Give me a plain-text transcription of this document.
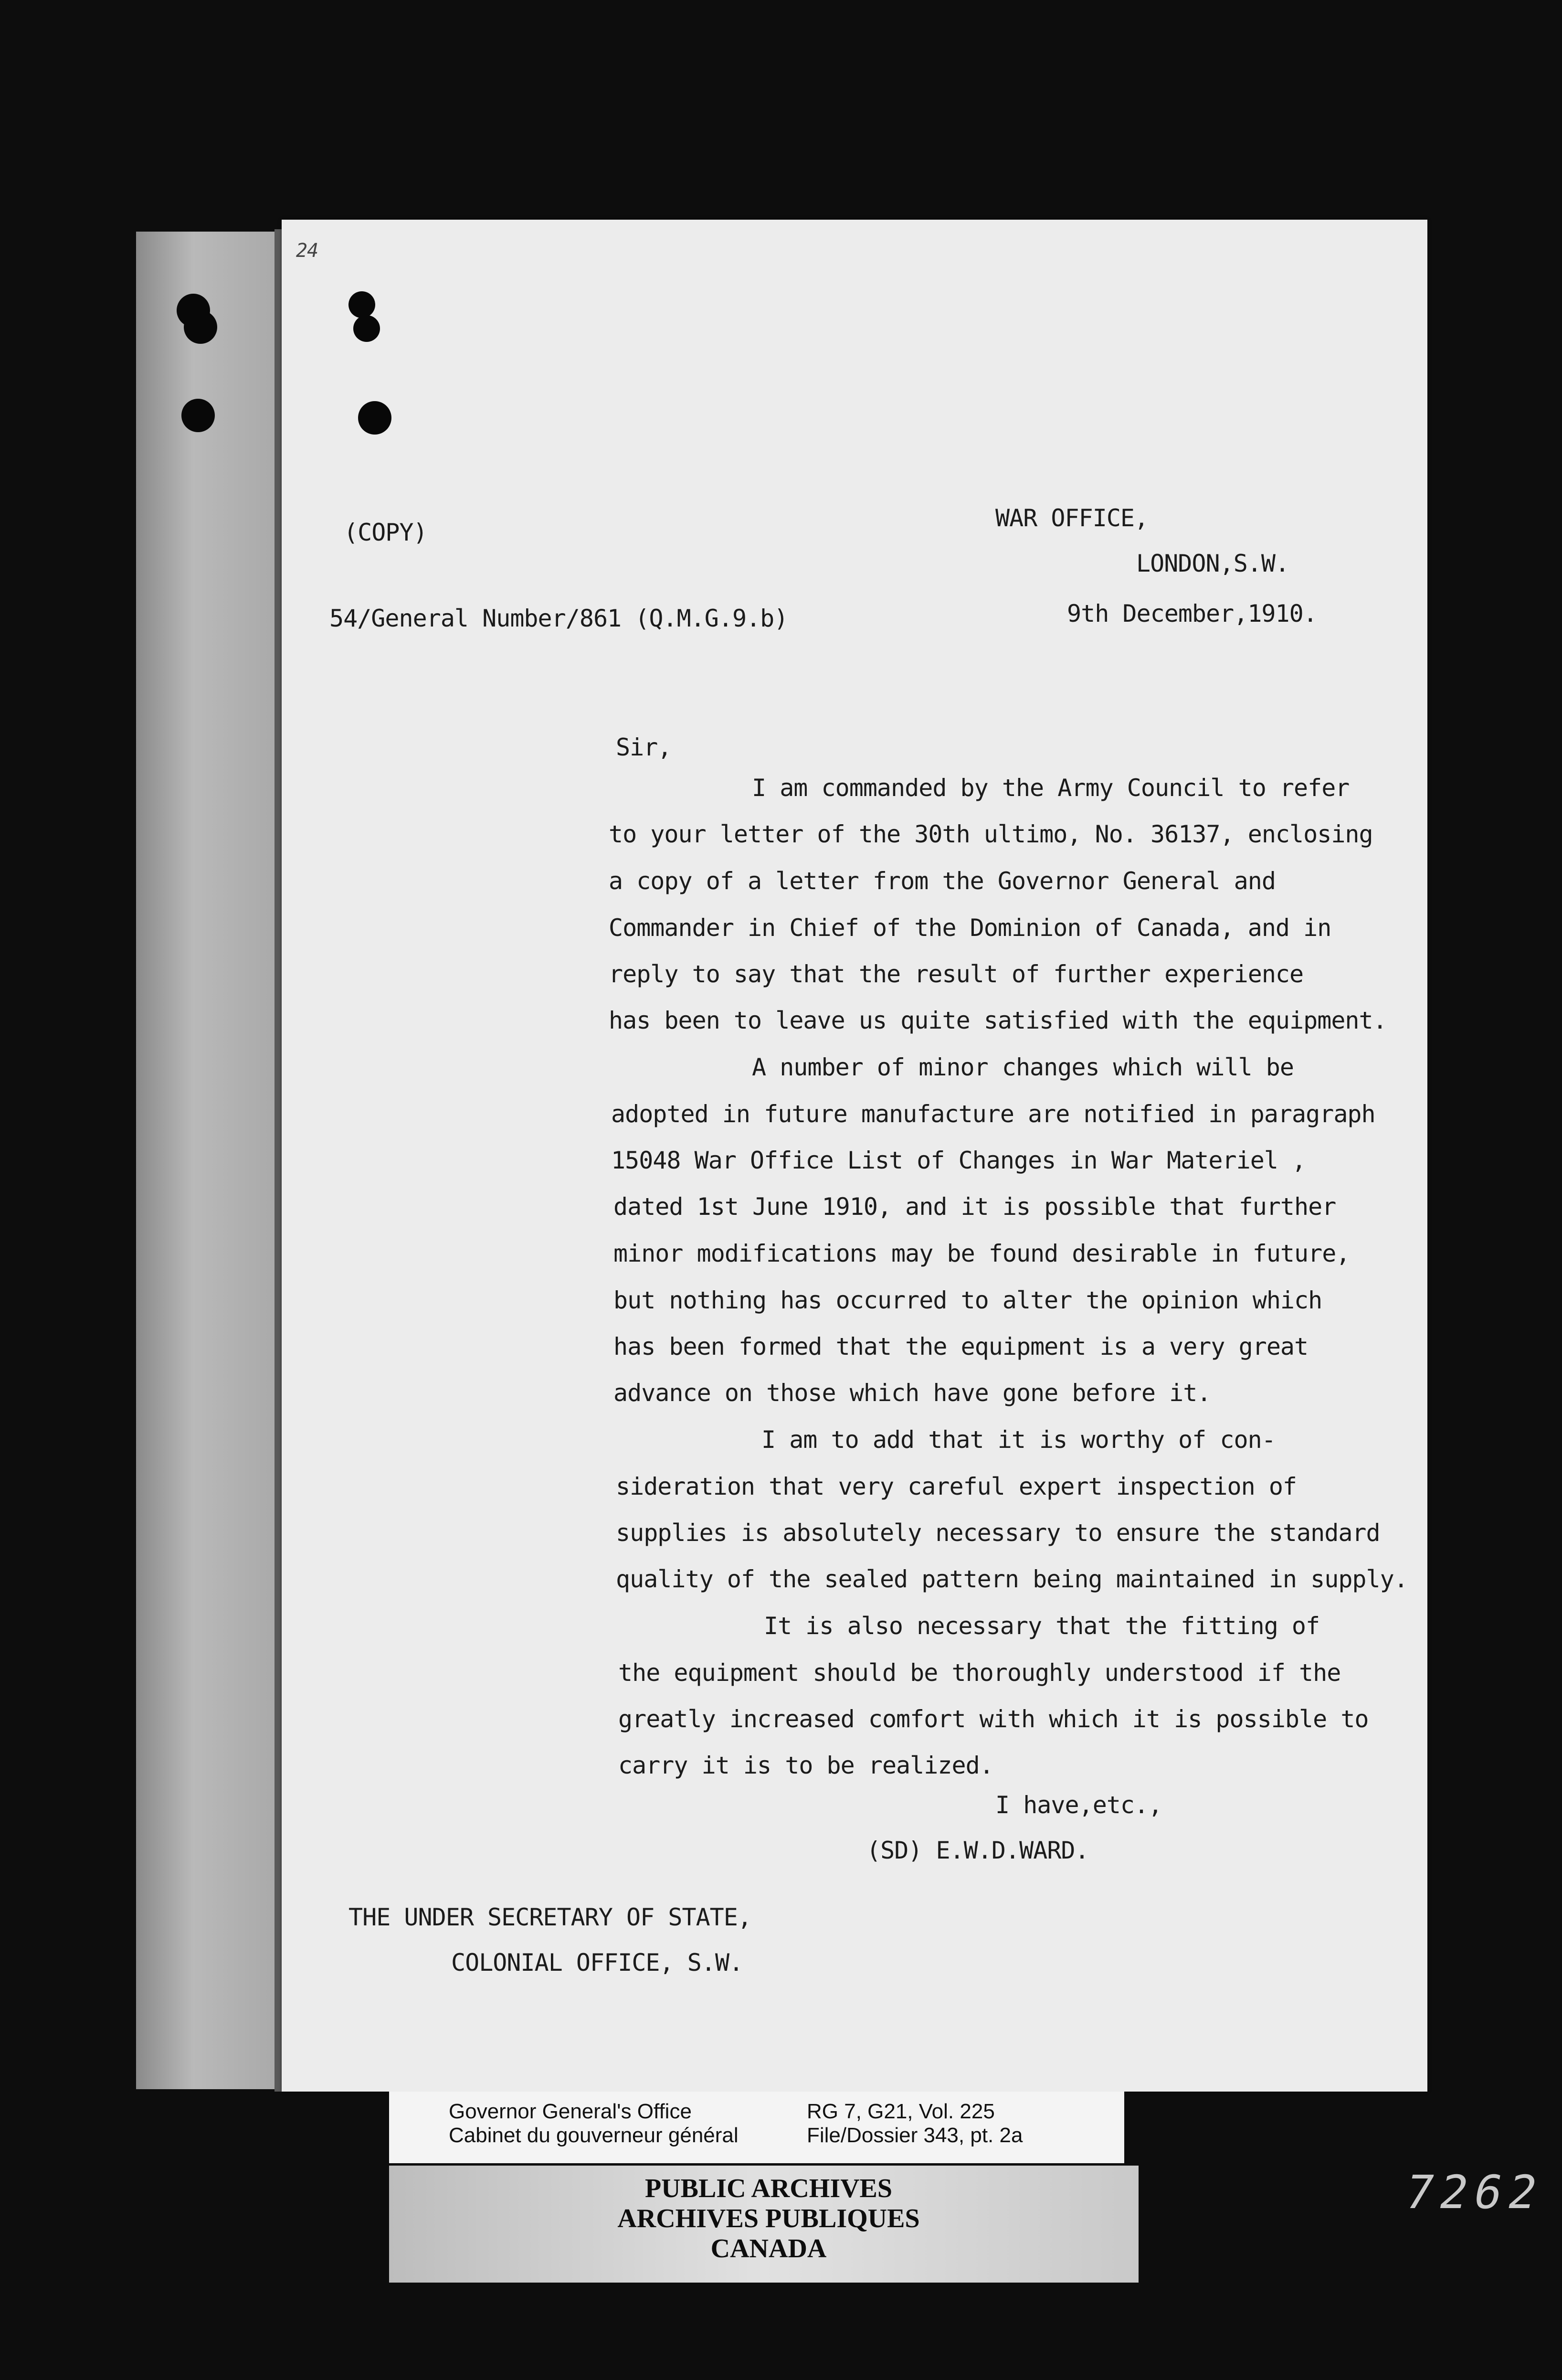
24
(COPY)
WAR OFFICE,
LONDON,S.W.
54/General Number/861 (Q.M.G.9.b)	9th December,1910.
Sir,
I am commanded by the Army Council to refer
to your letter of the 30th ultimo, No. 36137, enclosing
a copy of a letter from the Governor General and
Commander in Chief of the Dominion of Canada, and in
reply to say that the result of further experience
has been to leave us quite satisfied with the equipment.
A number of minor changes which will be
adopted in future manufacture are notified in paragraph
15048 War Office List of Changes in War Materiel ,
dated 1st June 1910, and it is possible that further
minor modifications may be found desirable in future,
but nothing has occurred to alter the opinion which
has been formed that the equipment is a very great
advance on those which have gone before it.
I am to add that it is worthy of con-
sideration that very careful expert inspection of
supplies is absolutely necessary to ensure the standard
quality of the sealed pattern being maintained in supply.
It is also necessary that the fitting of
the equipment should be thoroughly understood if the
greatly increased comfort with which it is possible to
carry it is to be realized.
I have,etc.,
(SD) E.W.D.WARD.
THE UNDER SECRETARY OF STATE,
COLONIAL OFFICE, S.W.
Governor General's Office
Cabinet du gouverneur général
RG 7, G21, Vol. 225
File/Dossier 343, pt. 2a
PUBLIC ARCHIVES
ARCHIVES PUBLIQUES
CANADA
7262
